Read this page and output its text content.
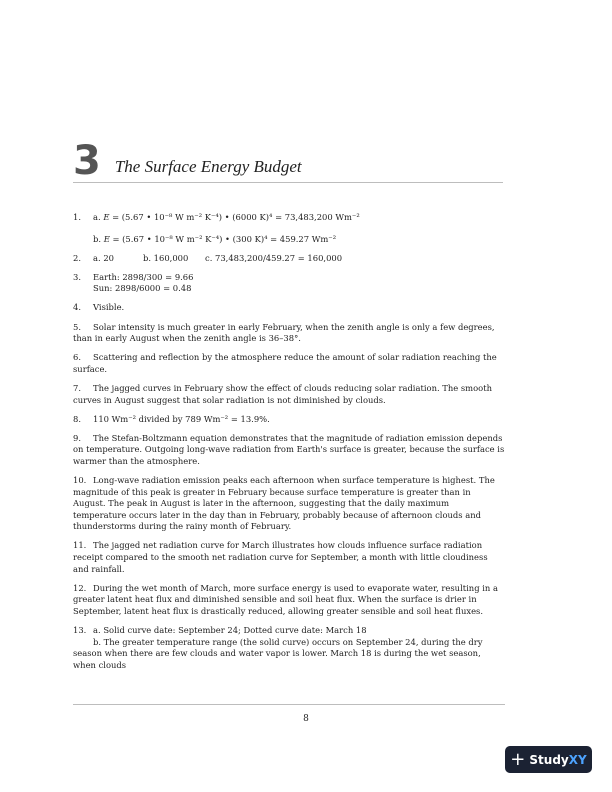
3 The Surface Energy Budget
1.	a. E = (5.67 • 10⁻⁸ W m⁻² K⁻⁴) • (6000 K)⁴ = 73,483,200 Wm⁻²
b. E = (5.67 • 10⁻⁸ W m⁻² K⁻⁴) • (300 K)⁴ = 459.27 Wm⁻²
2.	a. 20	b. 160,000 c. 73,483,200/459.27 = 160,000
3.	Earth: 2898/300 = 9.66
Sun: 2898/6000 = 0.48
4.	Visible.
5. Solar intensity is much greater in early February, when the zenith angle is only a few degrees, than in early August when the zenith angle is 36–38°.
6. Scattering and reflection by the atmosphere reduce the amount of solar radiation reaching the surface.
7. The jagged curves in February show the effect of clouds reducing solar radiation. The smooth curves in August suggest that solar radiation is not diminished by clouds.
8. 110 Wm⁻² divided by 789 Wm⁻² = 13.9%.
9. The Stefan-Boltzmann equation demonstrates that the magnitude of radiation emission depends on temperature. Outgoing long-wave radiation from Earth's surface is greater, because the surface is warmer than the atmosphere.
10. Long-wave radiation emission peaks each afternoon when surface temperature is highest. The magnitude of this peak is greater in February because surface temperature is greater than in August. The peak in August is later in the afternoon, suggesting that the daily maximum temperature occurs later in the day than in February, probably because of afternoon clouds and thunderstorms during the rainy month of February.
11. The jagged net radiation curve for March illustrates how clouds influence surface radiation receipt compared to the smooth net radiation curve for September, a month with little cloudiness and rainfall.
12. During the wet month of March, more surface energy is used to evaporate water, resulting in a greater latent heat flux and diminished sensible and soil heat flux. When the surface is drier in September, latent heat flux is drastically reduced, allowing greater sensible and soil heat fluxes.
13. a. Solid curve date: September 24; Dotted curve date: March 18
b. The greater temperature range (the solid curve) occurs on September 24, during the dry season when there are few clouds and water vapor is lower. March 18 is during the wet season, when clouds
8
+ Study XY
